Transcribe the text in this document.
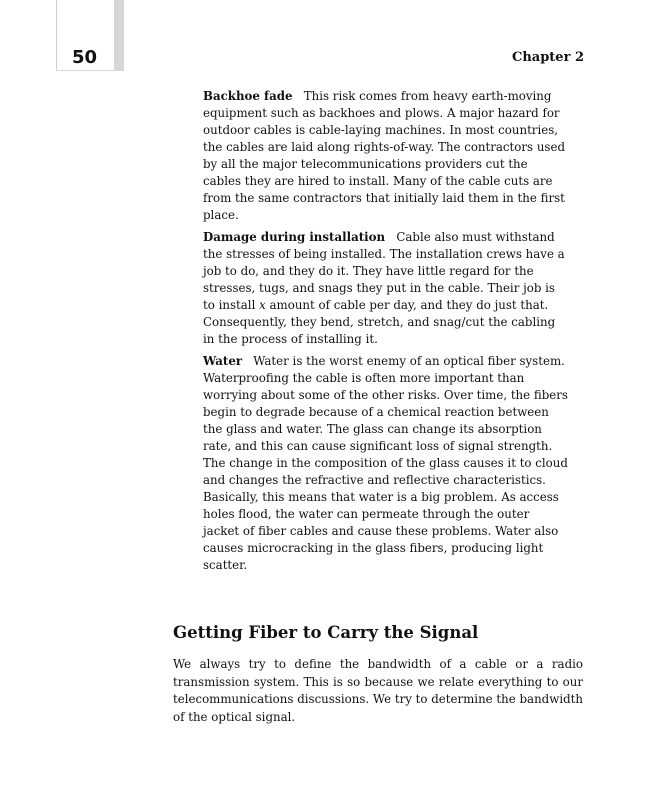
50	Chapter 2

Backhoe fade This risk comes from heavy earth-moving equipment such as backhoes and plows. A major hazard for outdoor cables is cable-laying machines. In most countries, the cables are laid along rights-of-way. The contractors used by all the major telecommunications providers cut the cables they are hired to install. Many of the cable cuts are from the same contractors that initially laid them in the first place.

Damage during installation Cable also must withstand the stresses of being installed. The installation crews have a job to do, and they do it. They have little regard for the stresses, tugs, and snags they put in the cable. Their job is to install x amount of cable per day, and they do just that. Consequently, they bend, stretch, and snag/cut the cabling in the process of installing it.

Water Water is the worst enemy of an optical fiber system. Waterproofing the cable is often more important than worrying about some of the other risks. Over time, the fibers begin to degrade because of a chemical reaction between the glass and water. The glass can change its absorption rate, and this can cause significant loss of signal strength. The change in the composition of the glass causes it to cloud and changes the refractive and reflective characteristics. Basically, this means that water is a big problem. As access holes flood, the water can permeate through the outer jacket of fiber cables and cause these problems. Water also causes microcracking in the glass fibers, producing light scatter.

Getting Fiber to Carry the Signal

We always try to define the bandwidth of a cable or a radio transmission system. This is so because we relate everything to our telecommunications discussions. We try to determine the bandwidth of the optical signal.
